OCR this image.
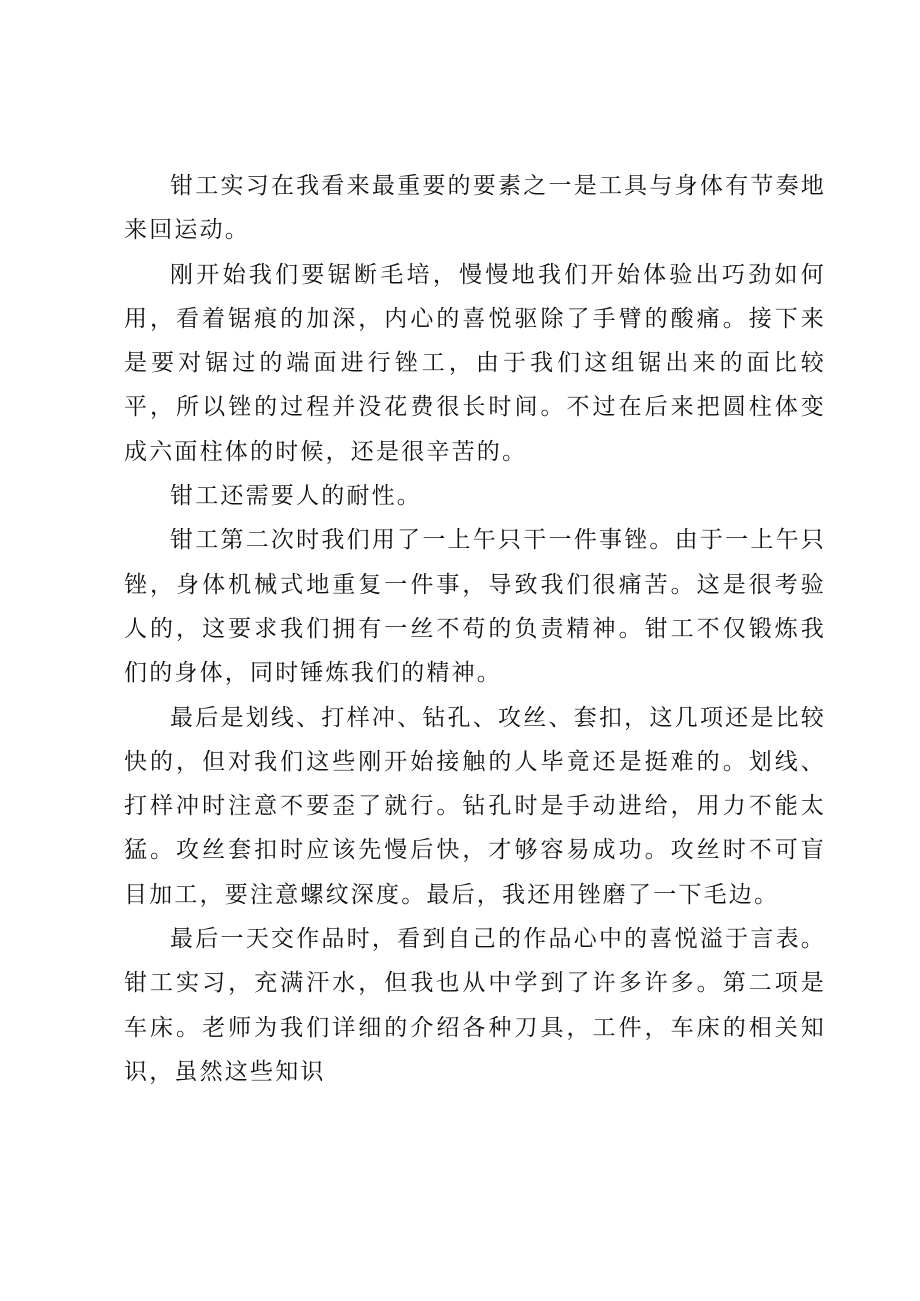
钳工实习在我看来最重要的要素之一是工具与身体有节奏地来回运动。

刚开始我们要锯断毛培，慢慢地我们开始体验出巧劲如何用，看着锯痕的加深，内心的喜悦驱除了手臂的酸痛。接下来是要对锯过的端面进行锉工，由于我们这组锯出来的面比较平，所以锉的过程并没花费很长时间。不过在后来把圆柱体变成六面柱体的时候，还是很辛苦的。

钳工还需要人的耐性。

钳工第二次时我们用了一上午只干一件事锉。由于一上午只锉，身体机械式地重复一件事，导致我们很痛苦。这是很考验人的，这要求我们拥有一丝不苟的负责精神。钳工不仅锻炼我们的身体，同时锤炼我们的精神。

最后是划线、打样冲、钻孔、攻丝、套扣，这几项还是比较快的，但对我们这些刚开始接触的人毕竟还是挺难的。划线、打样冲时注意不要歪了就行。钻孔时是手动进给，用力不能太猛。攻丝套扣时应该先慢后快，才够容易成功。攻丝时不可盲目加工，要注意螺纹深度。最后，我还用锉磨了一下毛边。

最后一天交作品时，看到自己的作品心中的喜悦溢于言表。钳工实习，充满汗水，但我也从中学到了许多许多。第二项是车床。老师为我们详细的介绍各种刀具，工件，车床的相关知识，虽然这些知识
